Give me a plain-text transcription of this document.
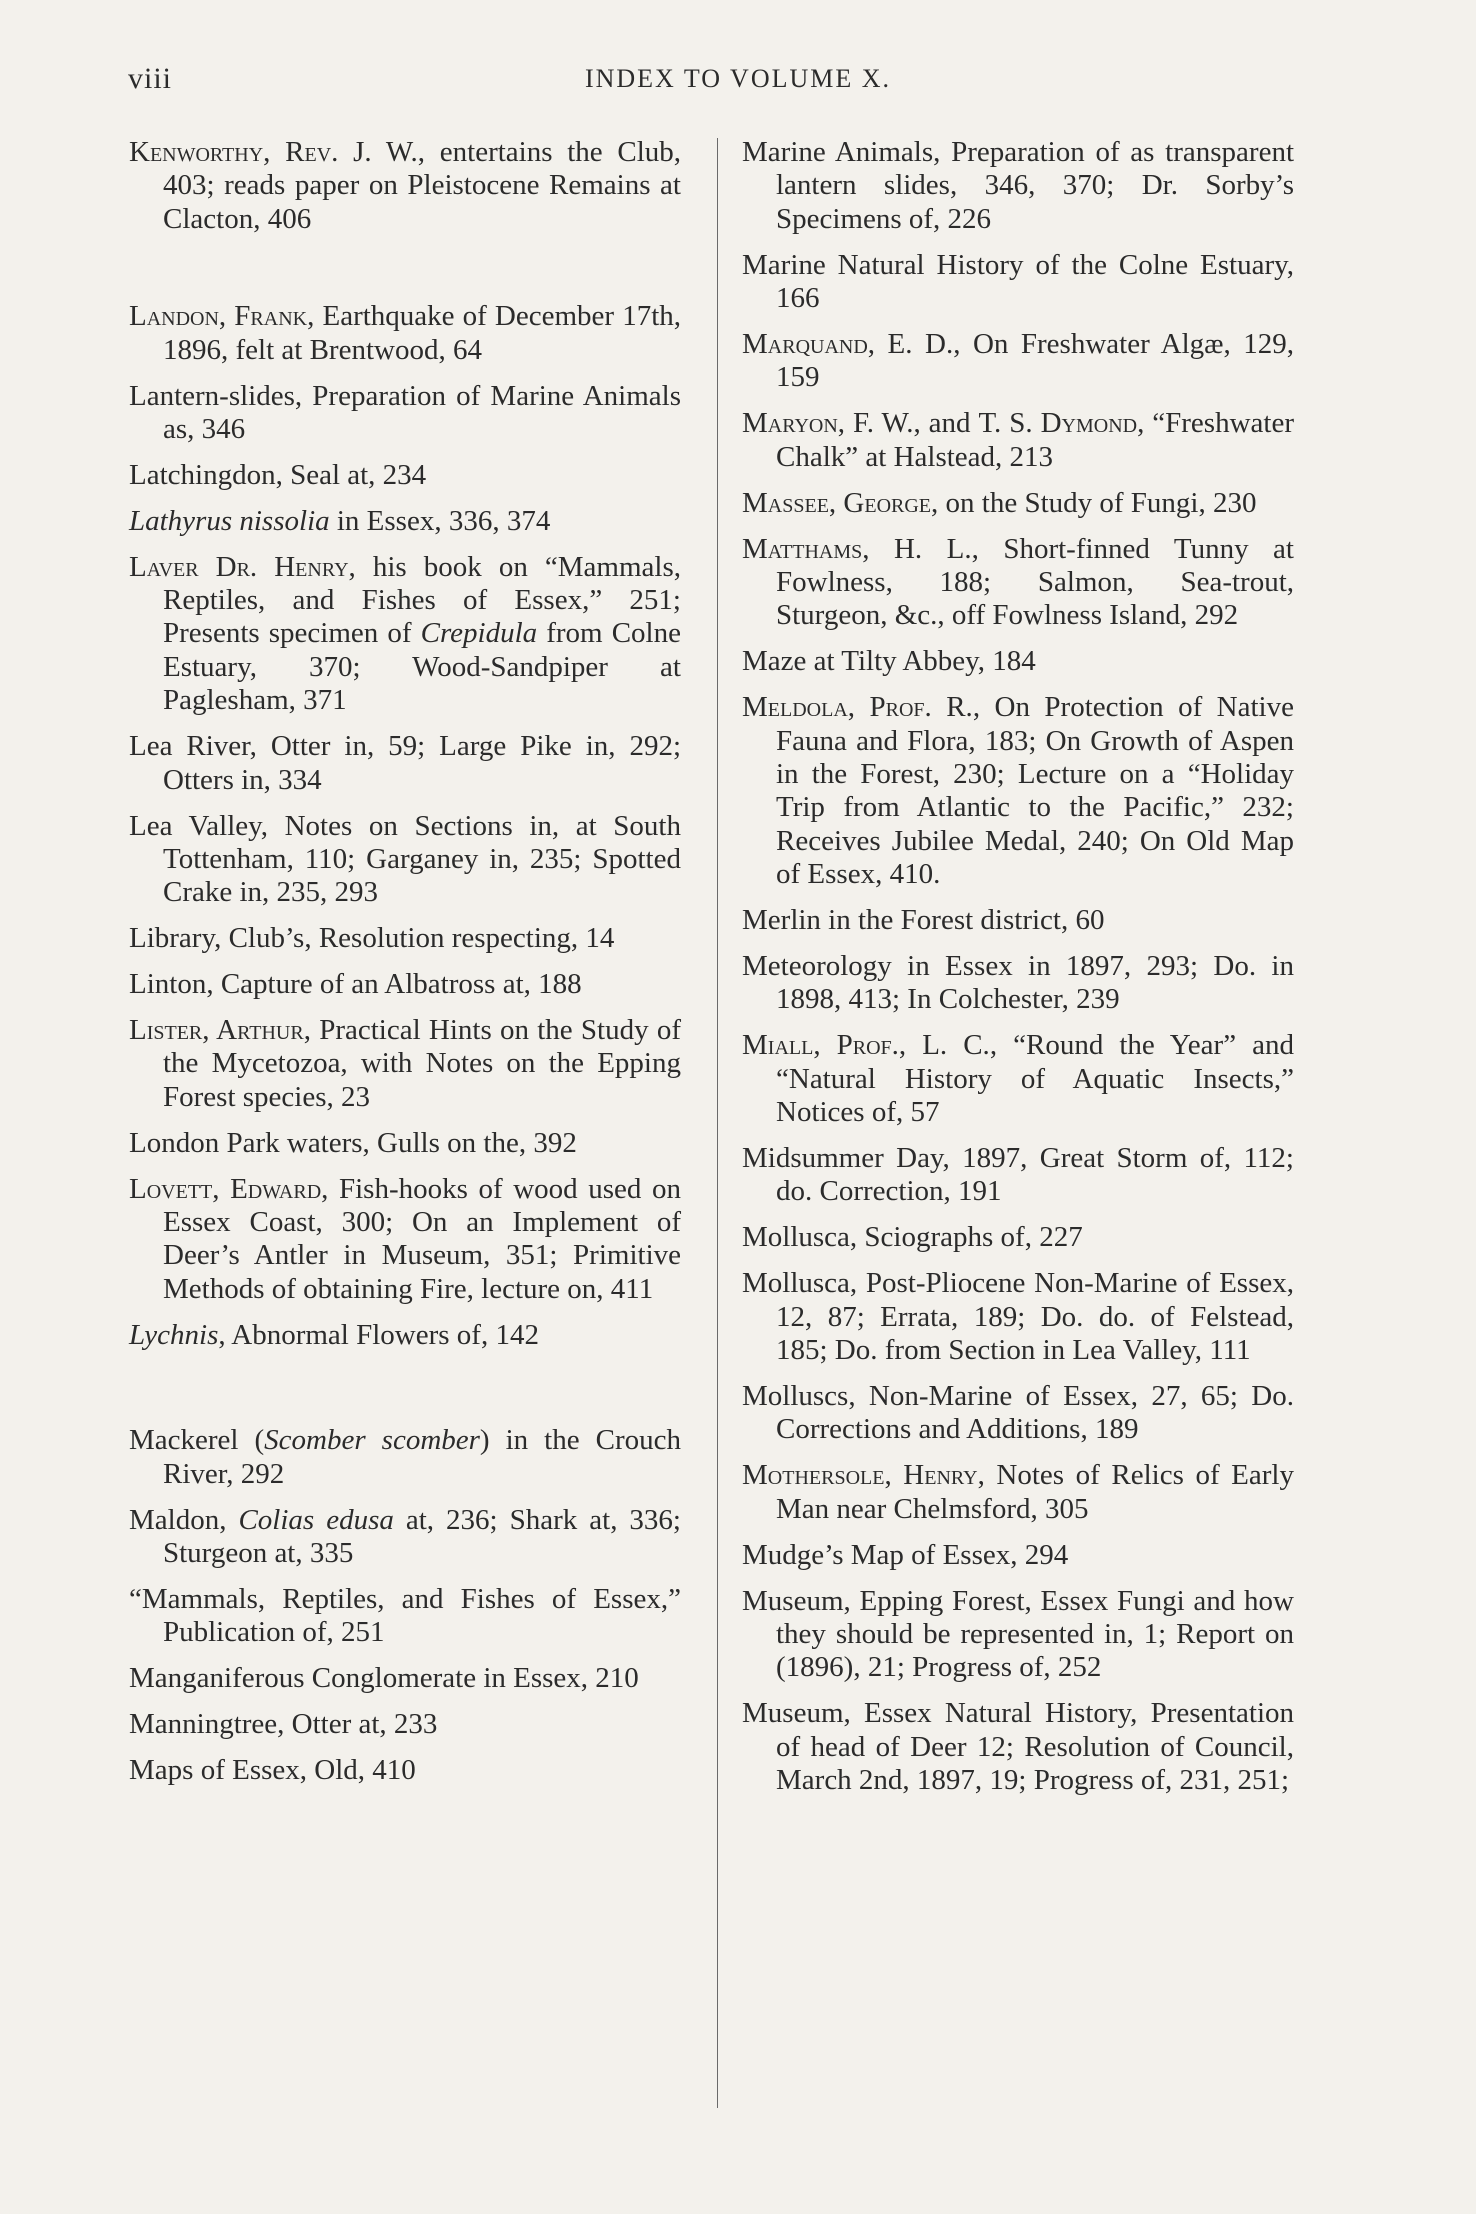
viii	INDEX TO VOLUME X.

Kenworthy, Rev. J. W., entertains the Club, 403; reads paper on Pleistocene Remains at Clacton, 406

Landon, Frank, Earthquake of December 17th, 1896, felt at Brentwood, 64

Lantern-slides, Preparation of Marine Animals as, 346

Latchingdon, Seal at, 234

Lathyrus nissolia in Essex, 336, 374

Laver Dr. Henry, his book on “Mammals, Reptiles, and Fishes of Essex,” 251; Presents specimen of Crepidula from Colne Estuary, 370; Wood-Sandpiper at Paglesham, 371

Lea River, Otter in, 59; Large Pike in, 292; Otters in, 334

Lea Valley, Notes on Sections in, at South Tottenham, 110; Garganey in, 235; Spotted Crake in, 235, 293

Library, Club’s, Resolution respecting, 14

Linton, Capture of an Albatross at, 188

Lister, Arthur, Practical Hints on the Study of the Mycetozoa, with Notes on the Epping Forest species, 23

London Park waters, Gulls on the, 392

Lovett, Edward, Fish-hooks of wood used on Essex Coast, 300; On an Implement of Deer’s Antler in Museum, 351; Primitive Methods of obtaining Fire, lecture on, 411

Lychnis, Abnormal Flowers of, 142

Mackerel (Scomber scomber) in the Crouch River, 292

Maldon, Colias edusa at, 236; Shark at, 336; Sturgeon at, 335

“Mammals, Reptiles, and Fishes of Essex,” Publication of, 251

Manganiferous Conglomerate in Essex, 210

Manningtree, Otter at, 233

Maps of Essex, Old, 410

Marine Animals, Preparation of as transparent lantern slides, 346, 370; Dr. Sorby’s Specimens of, 226

Marine Natural History of the Colne Estuary, 166

Marquand, E. D., On Freshwater Algæ, 129, 159

Maryon, F. W., and T. S. Dymond, “Freshwater Chalk” at Halstead, 213

Massee, George, on the Study of Fungi, 230

Matthams, H. L., Short-finned Tunny at Fowlness, 188; Salmon, Sea-trout, Sturgeon, &c., off Fowlness Island, 292

Maze at Tilty Abbey, 184

Meldola, Prof. R., On Protection of Native Fauna and Flora, 183; On Growth of Aspen in the Forest, 230; Lecture on a “Holiday Trip from Atlantic to the Pacific,” 232; Receives Jubilee Medal, 240; On Old Map of Essex, 410.

Merlin in the Forest district, 60

Meteorology in Essex in 1897, 293; Do. in 1898, 413; In Colchester, 239

Miall, Prof., L. C., “Round the Year” and “Natural History of Aquatic Insects,” Notices of, 57

Midsummer Day, 1897, Great Storm of, 112; do. Correction, 191

Mollusca, Sciographs of, 227

Mollusca, Post-Pliocene Non-Marine of Essex, 12, 87; Errata, 189; Do. do. of Felstead, 185; Do. from Section in Lea Valley, 111

Molluscs, Non-Marine of Essex, 27, 65; Do. Corrections and Additions, 189

Mothersole, Henry, Notes of Relics of Early Man near Chelmsford, 305

Mudge’s Map of Essex, 294

Museum, Epping Forest, Essex Fungi and how they should be represented in, 1; Report on (1896), 21; Progress of, 252

Museum, Essex Natural History, Presentation of head of Deer 12; Resolution of Council, March 2nd, 1897, 19; Progress of, 231, 251;
